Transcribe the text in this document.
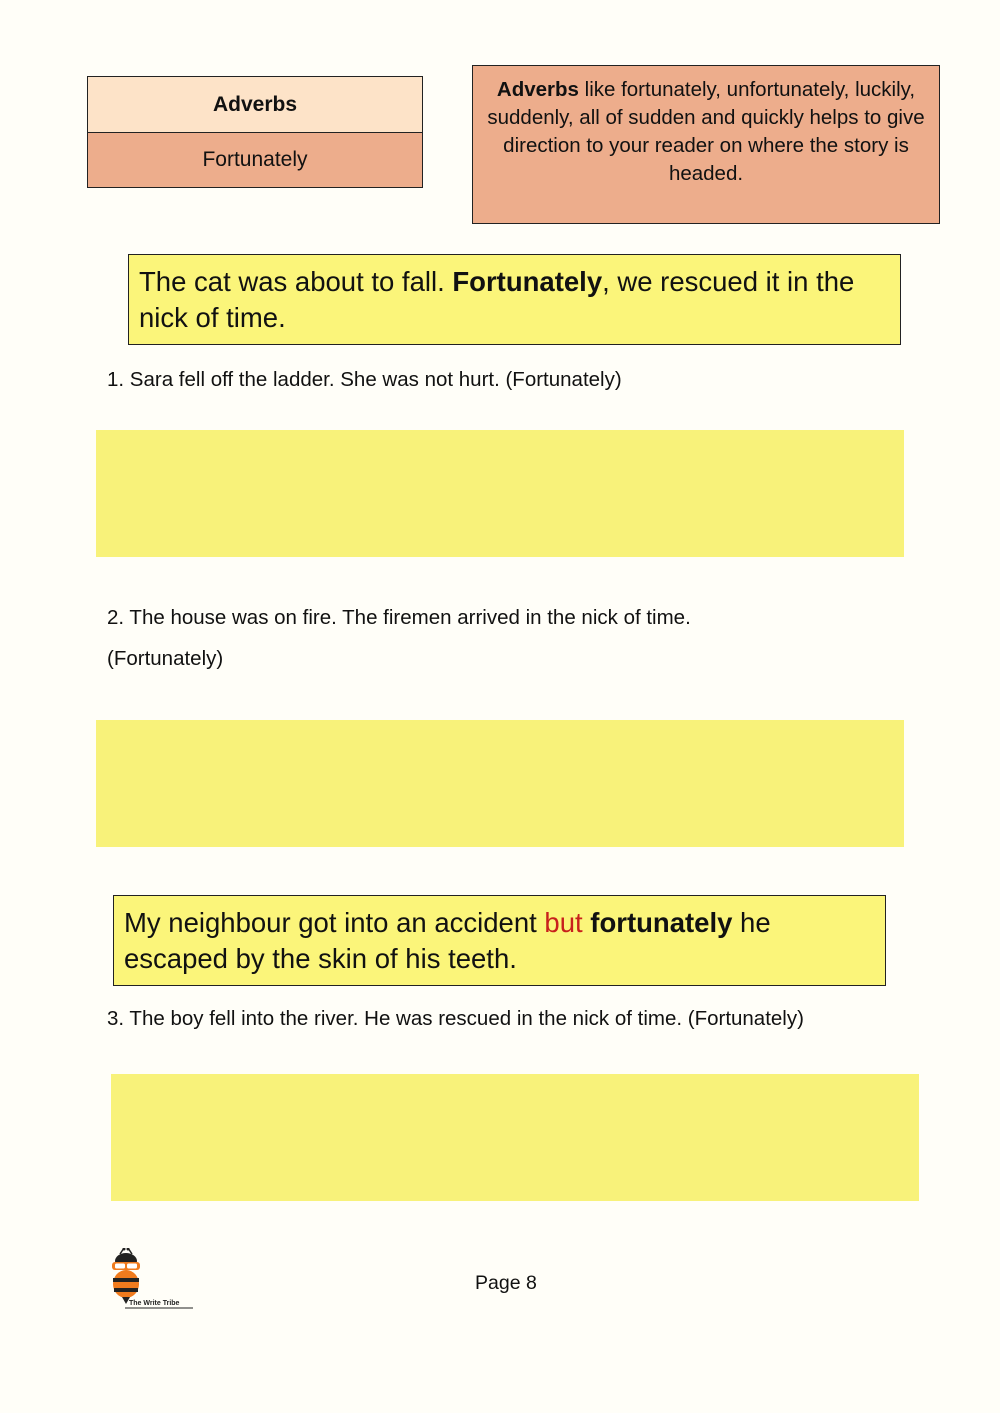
Adverbs
Fortunately
Adverbs like fortunately, unfortunately, luckily, suddenly, all of sudden and quickly helps to give direction to your reader on where the story is headed.
The cat was about to fall. Fortunately, we rescued it in the nick of time.
1. Sara fell off the ladder. She was not hurt. (Fortunately)
2. The house was on fire. The firemen arrived in the nick of time.
(Fortunately)
My neighbour got into an accident but fortunately he escaped by the skin of his teeth.
3. The boy fell into the river. He was rescued in the nick of time. (Fortunately)
The Write Tribe
Page 8
